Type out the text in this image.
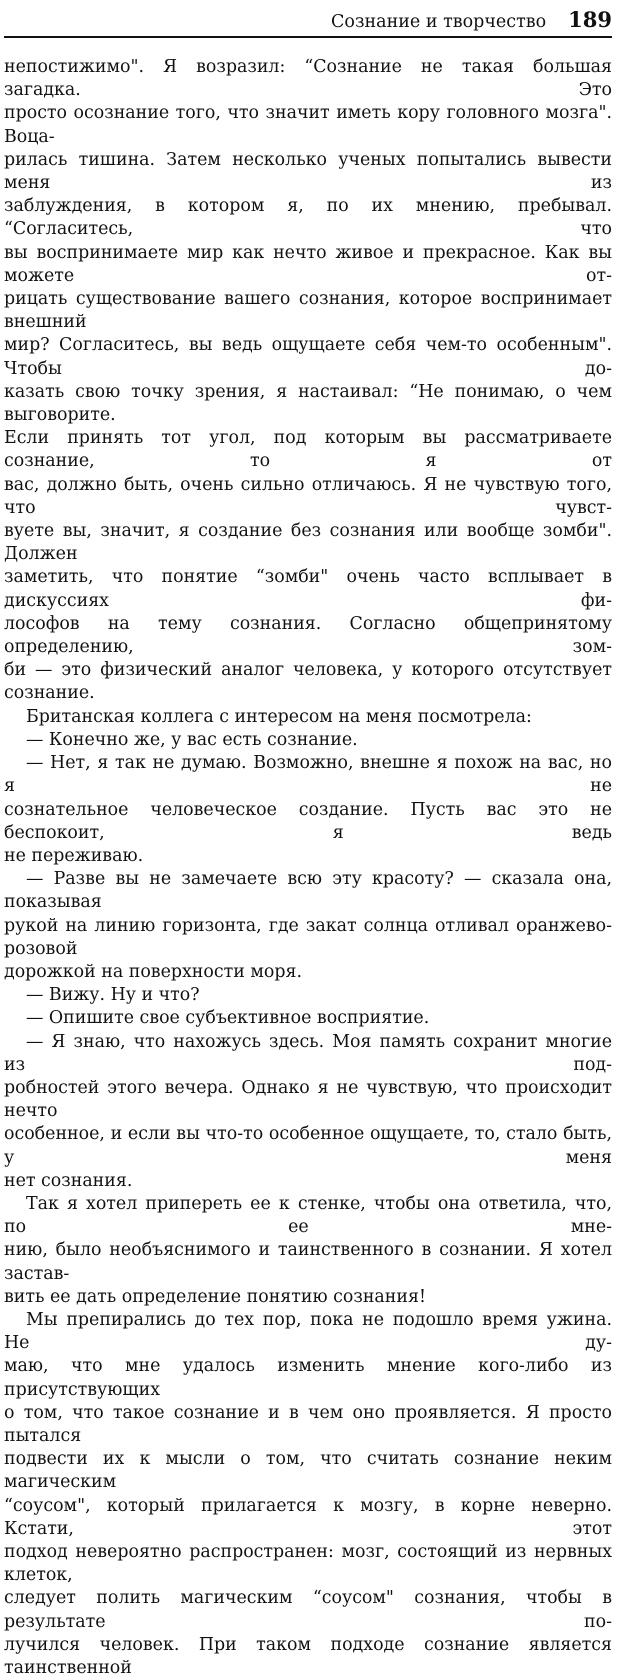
Сознание и творчество 189

непостижимо". Я возразил: “Сознание не такая большая загадка. Это

просто осознание того, что значит иметь кору головного мозга". Воца-

рилась тишина. Затем несколько ученых попытались вывести меня из

заблуждения, в котором я, по их мнению, пребывал. “Согласитесь, что

вы воспринимаете мир как нечто живое и прекрасное. Как вы можете от-

рицать существование вашего сознания, которое воспринимает внешний

мир? Согласитесь, вы ведь ощущаете себя чем-то особенным". Чтобы до-

казать свою точку зрения, я настаивал: “Не понимаю, о чем выговорите.

Если принять тот угол, под которым вы рассматриваете сознание, то я от

вас, должно быть, очень сильно отличаюсь. Я не чувствую того, что чувст-

вуете вы, значит, я создание без сознания или вообще зомби". Должен

заметить, что понятие “зомби" очень часто всплывает в дискуссиях фи-

лософов на тему сознания. Согласно общепринятому определению, зом-

би — это физический аналог человека, у которого отсутствует сознание.

Британская коллега с интересом на меня посмотрела:

— Конечно же, у вас есть сознание.

— Нет, я так не думаю. Возможно, внешне я похож на вас, но я не

сознательное человеческое создание. Пусть вас это не беспокоит, я ведь

не переживаю.

— Разве вы не замечаете всю эту красоту? — сказала она, показывая

рукой на линию горизонта, где закат солнца отливал оранжево-розовой

дорожкой на поверхности моря.

— Вижу. Ну и что?

— Опишите свое субъективное восприятие.

— Я знаю, что нахожусь здесь. Моя память сохранит многие из под-

робностей этого вечера. Однако я не чувствую, что происходит нечто

особенное, и если вы что-то особенное ощущаете, то, стало быть, у меня

нет сознания.

Так я хотел припереть ее к стенке, чтобы она ответила, что, по ее мне-

нию, было необъяснимого и таинственного в сознании. Я хотел застав-

вить ее дать определение понятию сознания!

Мы препирались до тех пор, пока не подошло время ужина. Не ду-

маю, что мне удалось изменить мнение кого-либо из присутствующих

о том, что такое сознание и в чем оно проявляется. Я просто пытался

подвести их к мысли о том, что считать сознание неким магическим

“соусом", который прилагается к мозгу, в корне неверно. Кстати, этот

подход невероятно распространен: мозг, состоящий из нервных клеток,

следует полить магическим “соусом" сознания, чтобы в результате по-

лучился человек. При таком подходе сознание является таинственной
